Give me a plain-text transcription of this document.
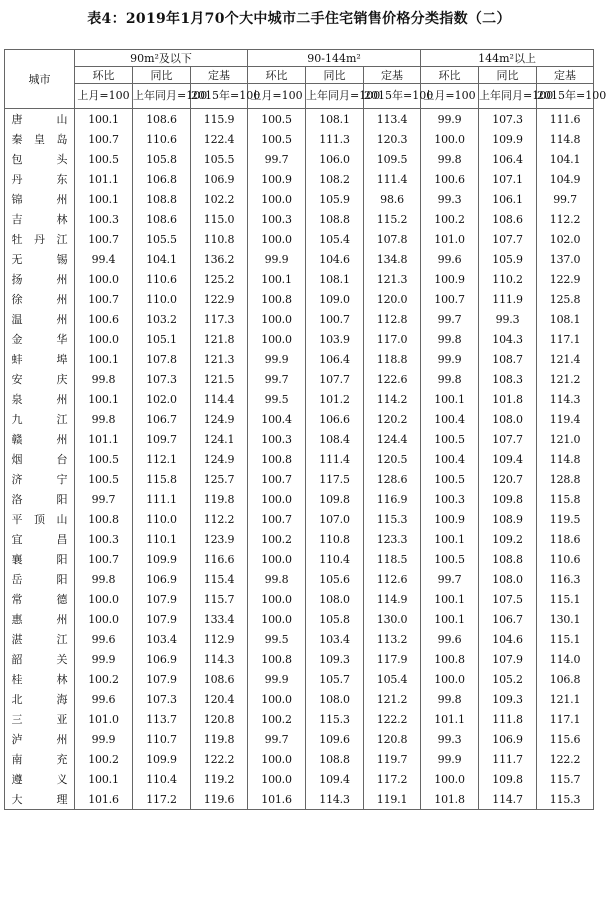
表4：2019年1月70个大中城市二手住宅销售价格分类指数（二）
城市	90m²及以下			90-144m²			144m²以上		
	环比	同比	定基	环比	同比	定基	环比	同比	定基
	上月=100	上年同月=100	2015年=100	上月=100	上年同月=100	2015年=100	上月=100	上年同月=100	2015年=100
唐山	100.1	108.6	115.9	100.5	108.1	113.4	99.9	107.3	111.6
秦皇岛	100.7	110.6	122.4	100.5	111.3	120.3	100.0	109.9	114.8
包头	100.5	105.8	105.5	99.7	106.0	109.5	99.8	106.4	104.1
丹东	101.1	106.8	106.9	100.9	108.2	111.4	100.6	107.1	104.9
锦州	100.1	108.8	102.2	100.0	105.9	98.6	99.3	106.1	99.7
吉林	100.3	108.6	115.0	100.3	108.8	115.2	100.2	108.6	112.2
牡丹江	100.7	105.5	110.8	100.0	105.4	107.8	101.0	107.7	102.0
无锡	99.4	104.1	136.2	99.9	104.6	134.8	99.6	105.9	137.0
扬州	100.0	110.6	125.2	100.1	108.1	121.3	100.9	110.2	122.9
徐州	100.7	110.0	122.9	100.8	109.0	120.0	100.7	111.9	125.8
温州	100.6	103.2	117.3	100.0	100.7	112.8	99.7	99.3	108.1
金华	100.0	105.1	121.8	100.0	103.9	117.0	99.8	104.3	117.1
蚌埠	100.1	107.8	121.3	99.9	106.4	118.8	99.9	108.7	121.4
安庆	99.8	107.3	121.5	99.7	107.7	122.6	99.8	108.3	121.2
泉州	100.1	102.0	114.4	99.5	101.2	114.2	100.1	101.8	114.3
九江	99.8	106.7	124.9	100.4	106.6	120.2	100.4	108.0	119.4
赣州	101.1	109.7	124.1	100.3	108.4	124.4	100.5	107.7	121.0
烟台	100.5	112.1	124.9	100.8	111.4	120.5	100.4	109.4	114.8
济宁	100.5	115.8	125.7	100.7	117.5	128.6	100.5	120.7	128.8
洛阳	99.7	111.1	119.8	100.0	109.8	116.9	100.3	109.8	115.8
平顶山	100.8	110.0	112.2	100.7	107.0	115.3	100.9	108.9	119.5
宜昌	100.3	110.1	123.9	100.2	110.8	123.3	100.1	109.2	118.6
襄阳	100.7	109.9	116.6	100.0	110.4	118.5	100.5	108.8	110.6
岳阳	99.8	106.9	115.4	99.8	105.6	112.6	99.7	108.0	116.3
常德	100.0	107.9	115.7	100.0	108.0	114.9	100.1	107.5	115.1
惠州	100.0	107.9	133.4	100.0	105.8	130.0	100.1	106.7	130.1
湛江	99.6	103.4	112.9	99.5	103.4	113.2	99.6	104.6	115.1
韶关	99.9	106.9	114.3	100.8	109.3	117.9	100.8	107.9	114.0
桂林	100.2	107.9	108.6	99.9	105.7	105.4	100.0	105.2	106.8
北海	99.6	107.3	120.4	100.0	108.0	121.2	99.8	109.3	121.1
三亚	101.0	113.7	120.8	100.2	115.3	122.2	101.1	111.8	117.1
泸州	99.9	110.7	119.8	99.7	109.6	120.8	99.3	106.9	115.6
南充	100.2	109.9	122.2	100.0	108.8	119.7	99.9	111.7	122.2
遵义	100.1	110.4	119.2	100.0	109.4	117.2	100.0	109.8	115.7
大理	101.6	117.2	119.6	101.6	114.3	119.1	101.8	114.7	115.3
